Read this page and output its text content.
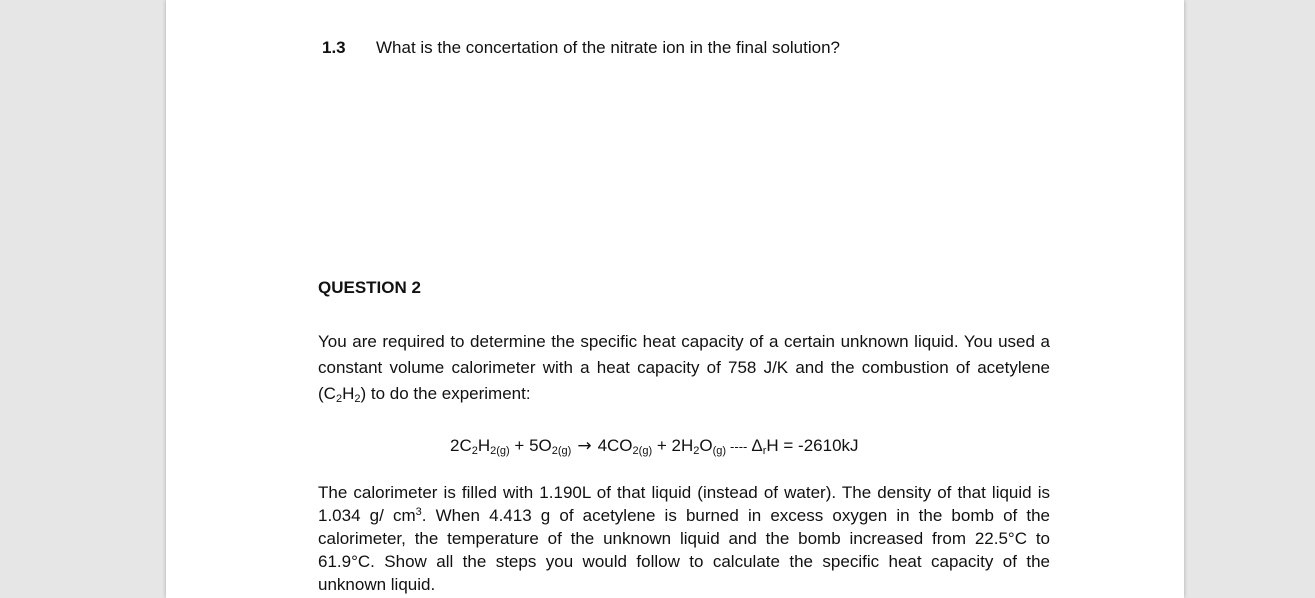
1.3 What is the concertation of the nitrate ion in the final solution?
QUESTION 2
You are required to determine the specific heat capacity of a certain unknown liquid. You used a constant volume calorimeter with a heat capacity of 758 J/K and the combustion of acetylene $(C_2H_2)$ to do the experiment:
$2C_2H_{2(g)} + 5O_{2(g)} \to 4CO_{2(g)} + 2H_2O_{(g)}$ ---- $\Delta_rH = -2610kJ$
The calorimeter is filled with 1.190L of that liquid (instead of water). The density of that liquid is 1.034 g/ $cm^3$. When 4.413 g of acetylene is burned in excess oxygen in the bomb of the calorimeter, the temperature of the unknown liquid and the bomb increased from 22.5°C to 61.9°C. Show all the steps you would follow to calculate the specific heat capacity of the unknown liquid.
